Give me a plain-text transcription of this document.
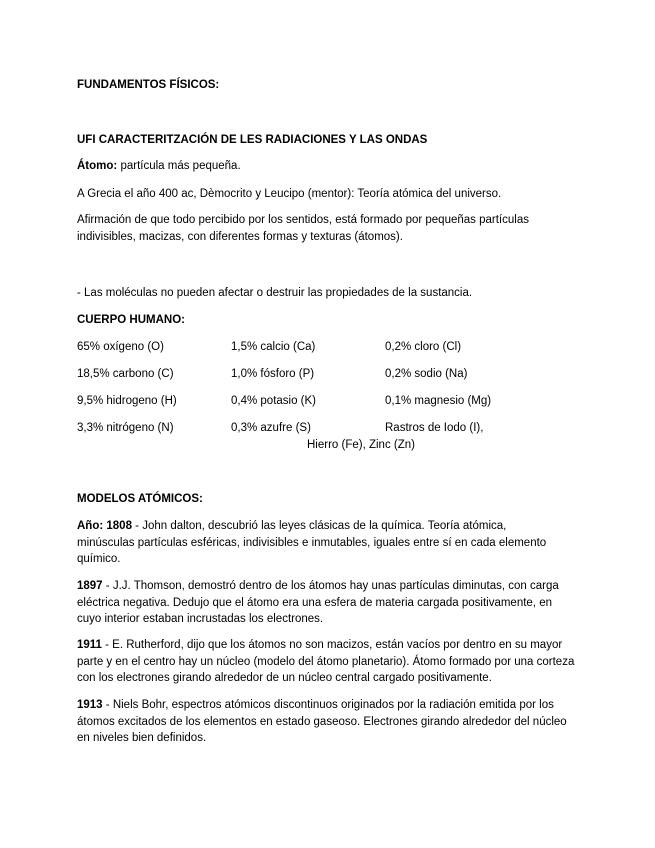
FUNDAMENTOS FÍSICOS:

UFI CARACTERITZACIÓN DE LES RADIACIONES Y LAS ONDAS

Átomo: partícula más pequeña.

A Grecia el año 400 ac, Dèmocrito y Leucipo (mentor): Teoría atómica del universo.

Afirmación de que todo percibido por los sentidos, está formado por pequeñas partículas indivisibles, macizas, con diferentes formas y texturas (átomos).

- Las moléculas no pueden afectar o destruir las propiedades de la sustancia.

CUERPO HUMANO:

65% oxígeno (O)	1,5% calcio (Ca)	0,2% cloro (Cl)
18,5% carbono (C)	1,0% fósforo (P)	0,2% sodio (Na)
9,5% hidrogeno (H)	0,4% potasio (K)	0,1% magnesio (Mg)
3,3% nitrógeno (N)	0,3% azufre (S)	Rastros de Iodo (I),
Hierro (Fe), Zinc (Zn)

MODELOS ATÓMICOS:

Año: 1808 - John dalton, descubrió las leyes clásicas de la química. Teoría atómica, minúsculas partículas esféricas, indivisibles e inmutables, iguales entre sí en cada elemento químico.

1897 - J.J. Thomson, demostró dentro de los átomos hay unas partículas diminutas, con carga eléctrica negativa. Dedujo que el átomo era una esfera de materia cargada positivamente, en cuyo interior estaban incrustadas los electrones.

1911 - E. Rutherford, dijo que los átomos no son macizos, están vacíos por dentro en su mayor parte y en el centro hay un núcleo (modelo del átomo planetario). Átomo formado por una corteza con los electrones girando alrededor de un núcleo central cargado positivamente.

1913 - Niels Bohr, espectros atómicos discontinuos originados por la radiación emitida por los átomos excitados de los elementos en estado gaseoso. Electrones girando alrededor del núcleo en niveles bien definidos.
